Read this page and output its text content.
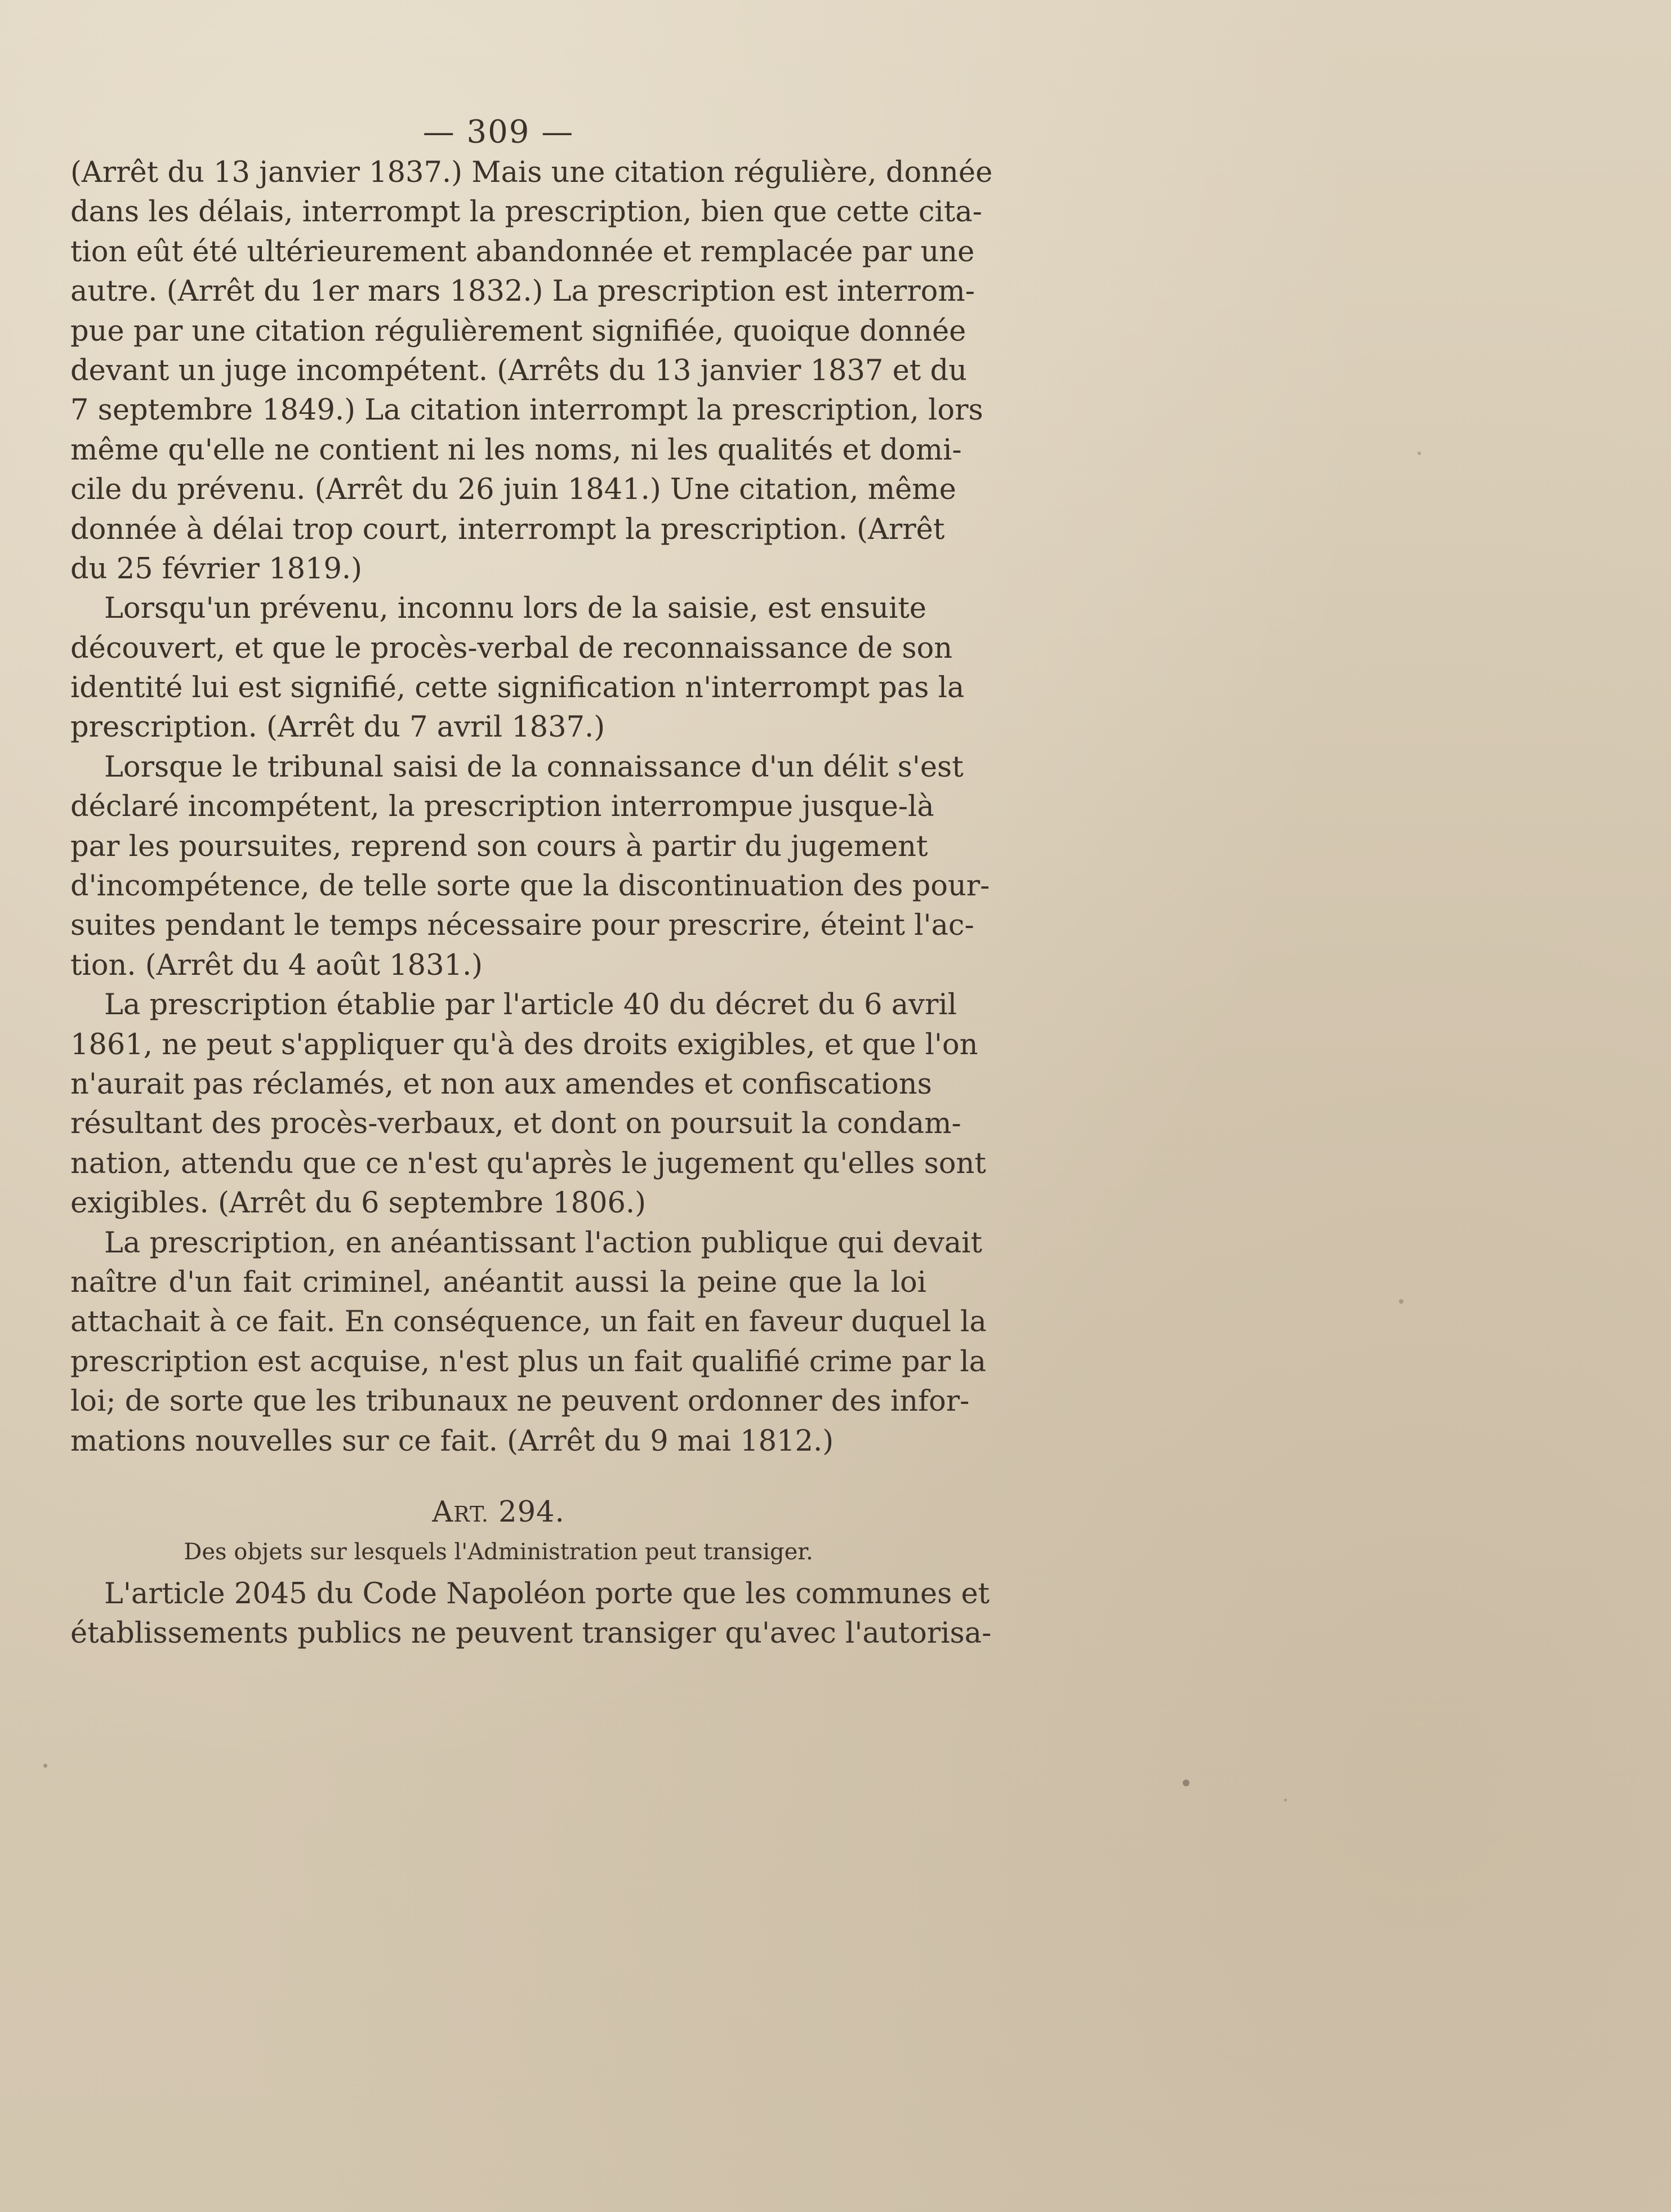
— 309 —
(Arrêt du 13 janvier 1837.) Mais une citation régulière, donnée
dans les délais, interrompt la prescription, bien que cette cita-
tion eût été ultérieurement abandonnée et remplacée par une
autre. (Arrêt du 1er mars 1832.) La prescription est interrom-
pue par une citation régulièrement signifiée, quoique donnée
devant un juge incompétent. (Arrêts du 13 janvier 1837 et du
7 septembre 1849.) La citation interrompt la prescription, lors
même qu'elle ne contient ni les noms, ni les qualités et domi-
cile du prévenu. (Arrêt du 26 juin 1841.) Une citation, même
donnée à délai trop court, interrompt la prescription. (Arrêt
du 25 février 1819.)
Lorsqu'un prévenu, inconnu lors de la saisie, est ensuite
découvert, et que le procès-verbal de reconnaissance de son
identité lui est signifié, cette signification n'interrompt pas la
prescription. (Arrêt du 7 avril 1837.)
Lorsque le tribunal saisi de la connaissance d'un délit s'est
déclaré incompétent, la prescription interrompue jusque-là
par les poursuites, reprend son cours à partir du jugement
d'incompétence, de telle sorte que la discontinuation des pour-
suites pendant le temps nécessaire pour prescrire, éteint l'ac-
tion. (Arrêt du 4 août 1831.)
La prescription établie par l'article 40 du décret du 6 avril
1861, ne peut s'appliquer qu'à des droits exigibles, et que l'on
n'aurait pas réclamés, et non aux amendes et confiscations
résultant des procès-verbaux, et dont on poursuit la condam-
nation, attendu que ce n'est qu'après le jugement qu'elles sont
exigibles. (Arrêt du 6 septembre 1806.)
La prescription, en anéantissant l'action publique qui devait
naître d'un fait criminel, anéantit aussi la peine que la loi
attachait à ce fait. En conséquence, un fait en faveur duquel la
prescription est acquise, n'est plus un fait qualifié crime par la
loi; de sorte que les tribunaux ne peuvent ordonner des infor-
mations nouvelles sur ce fait. (Arrêt du 9 mai 1812.)
ART. 294.
Des objets sur lesquels l'Administration peut transiger.
L'article 2045 du Code Napoléon porte que les communes et
établissements publics ne peuvent transiger qu'avec l'autorisa-
